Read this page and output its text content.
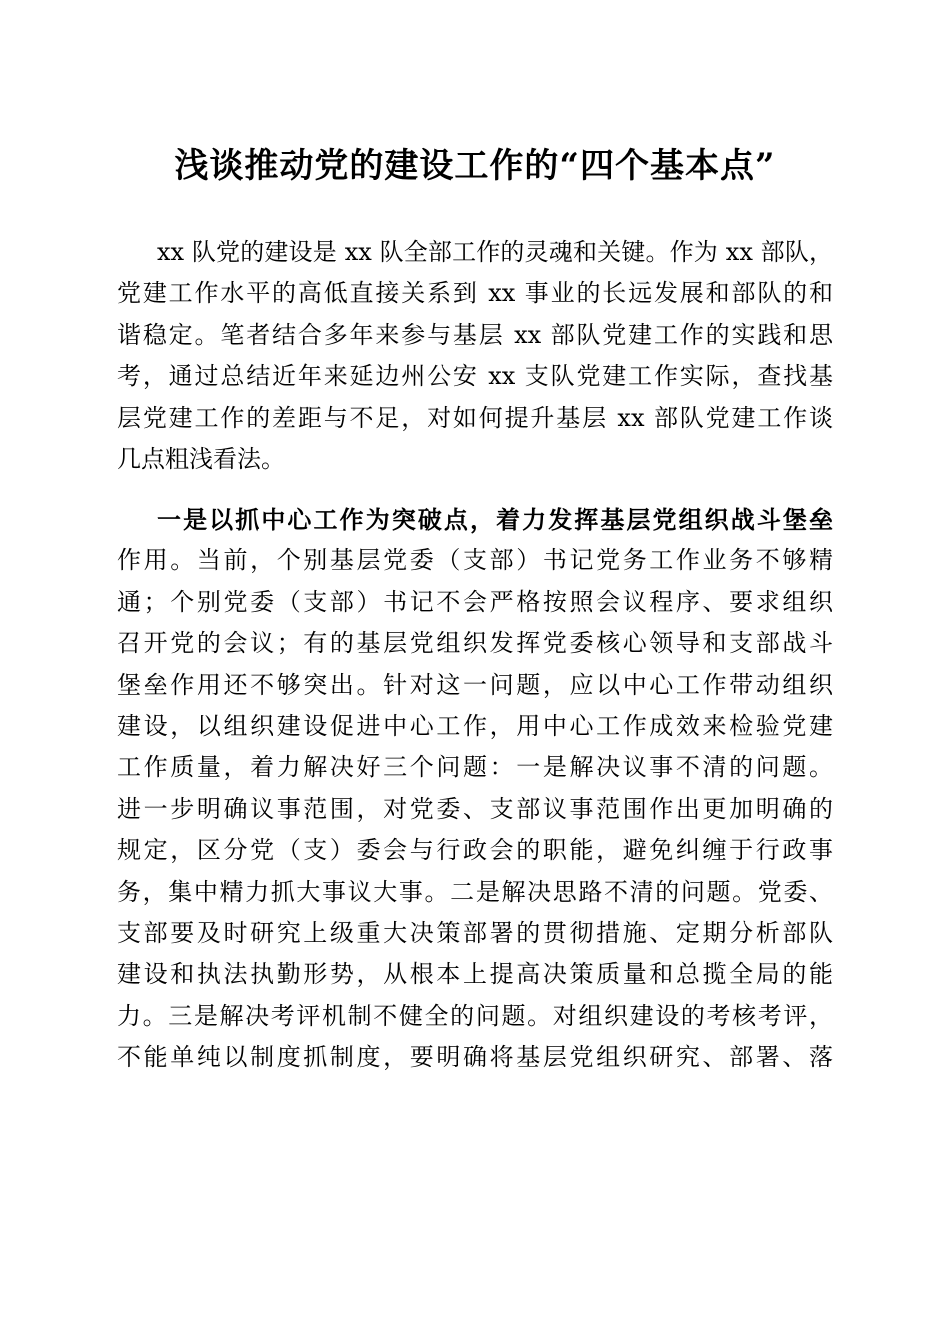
浅谈推动党的建设工作的“四个基本点”
xx 队党的建设是 xx 队全部工作的灵魂和关键。作为 xx 部队，
党建工作水平的高低直接关系到 xx 事业的长远发展和部队的和
谐稳定。笔者结合多年来参与基层 xx 部队党建工作的实践和思
考，通过总结近年来延边州公安 xx 支队党建工作实际，查找基
层党建工作的差距与不足，对如何提升基层 xx 部队党建工作谈
几点粗浅看法。
一是以抓中心工作为突破点，着力发挥基层党组织战斗堡垒
作用。当前，个别基层党委（支部）书记党务工作业务不够精
通；个别党委（支部）书记不会严格按照会议程序、要求组织
召开党的会议；有的基层党组织发挥党委核心领导和支部战斗
堡垒作用还不够突出。针对这一问题，应以中心工作带动组织
建设，以组织建设促进中心工作，用中心工作成效来检验党建
工作质量，着力解决好三个问题：一是解决议事不清的问题。
进一步明确议事范围，对党委、支部议事范围作出更加明确的
规定，区分党（支）委会与行政会的职能，避免纠缠于行政事
务，集中精力抓大事议大事。二是解决思路不清的问题。党委、
支部要及时研究上级重大决策部署的贯彻措施、定期分析部队
建设和执法执勤形势，从根本上提高决策质量和总揽全局的能
力。三是解决考评机制不健全的问题。对组织建设的考核考评，
不能单纯以制度抓制度，要明确将基层党组织研究、部署、落
